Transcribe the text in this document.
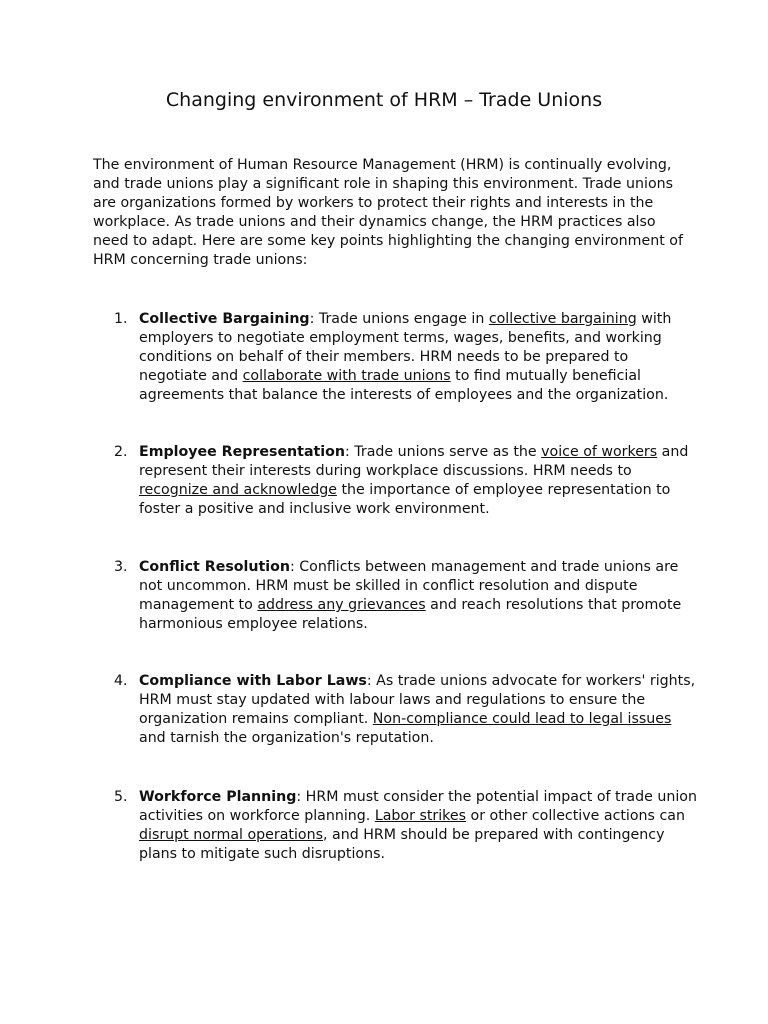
Changing environment of HRM – Trade Unions

The environment of Human Resource Management (HRM) is continually evolving, and trade unions play a significant role in shaping this environment. Trade unions are organizations formed by workers to protect their rights and interests in the workplace. As trade unions and their dynamics change, the HRM practices also need to adapt. Here are some key points highlighting the changing environment of HRM concerning trade unions:

1. Collective Bargaining: Trade unions engage in collective bargaining with employers to negotiate employment terms, wages, benefits, and working conditions on behalf of their members. HRM needs to be prepared to negotiate and collaborate with trade unions to find mutually beneficial agreements that balance the interests of employees and the organization.

2. Employee Representation: Trade unions serve as the voice of workers and represent their interests during workplace discussions. HRM needs to recognize and acknowledge the importance of employee representation to foster a positive and inclusive work environment.

3. Conflict Resolution: Conflicts between management and trade unions are not uncommon. HRM must be skilled in conflict resolution and dispute management to address any grievances and reach resolutions that promote harmonious employee relations.

4. Compliance with Labor Laws: As trade unions advocate for workers' rights, HRM must stay updated with labour laws and regulations to ensure the organization remains compliant. Non-compliance could lead to legal issues and tarnish the organization's reputation.

5. Workforce Planning: HRM must consider the potential impact of trade union activities on workforce planning. Labor strikes or other collective actions can disrupt normal operations, and HRM should be prepared with contingency plans to mitigate such disruptions.
